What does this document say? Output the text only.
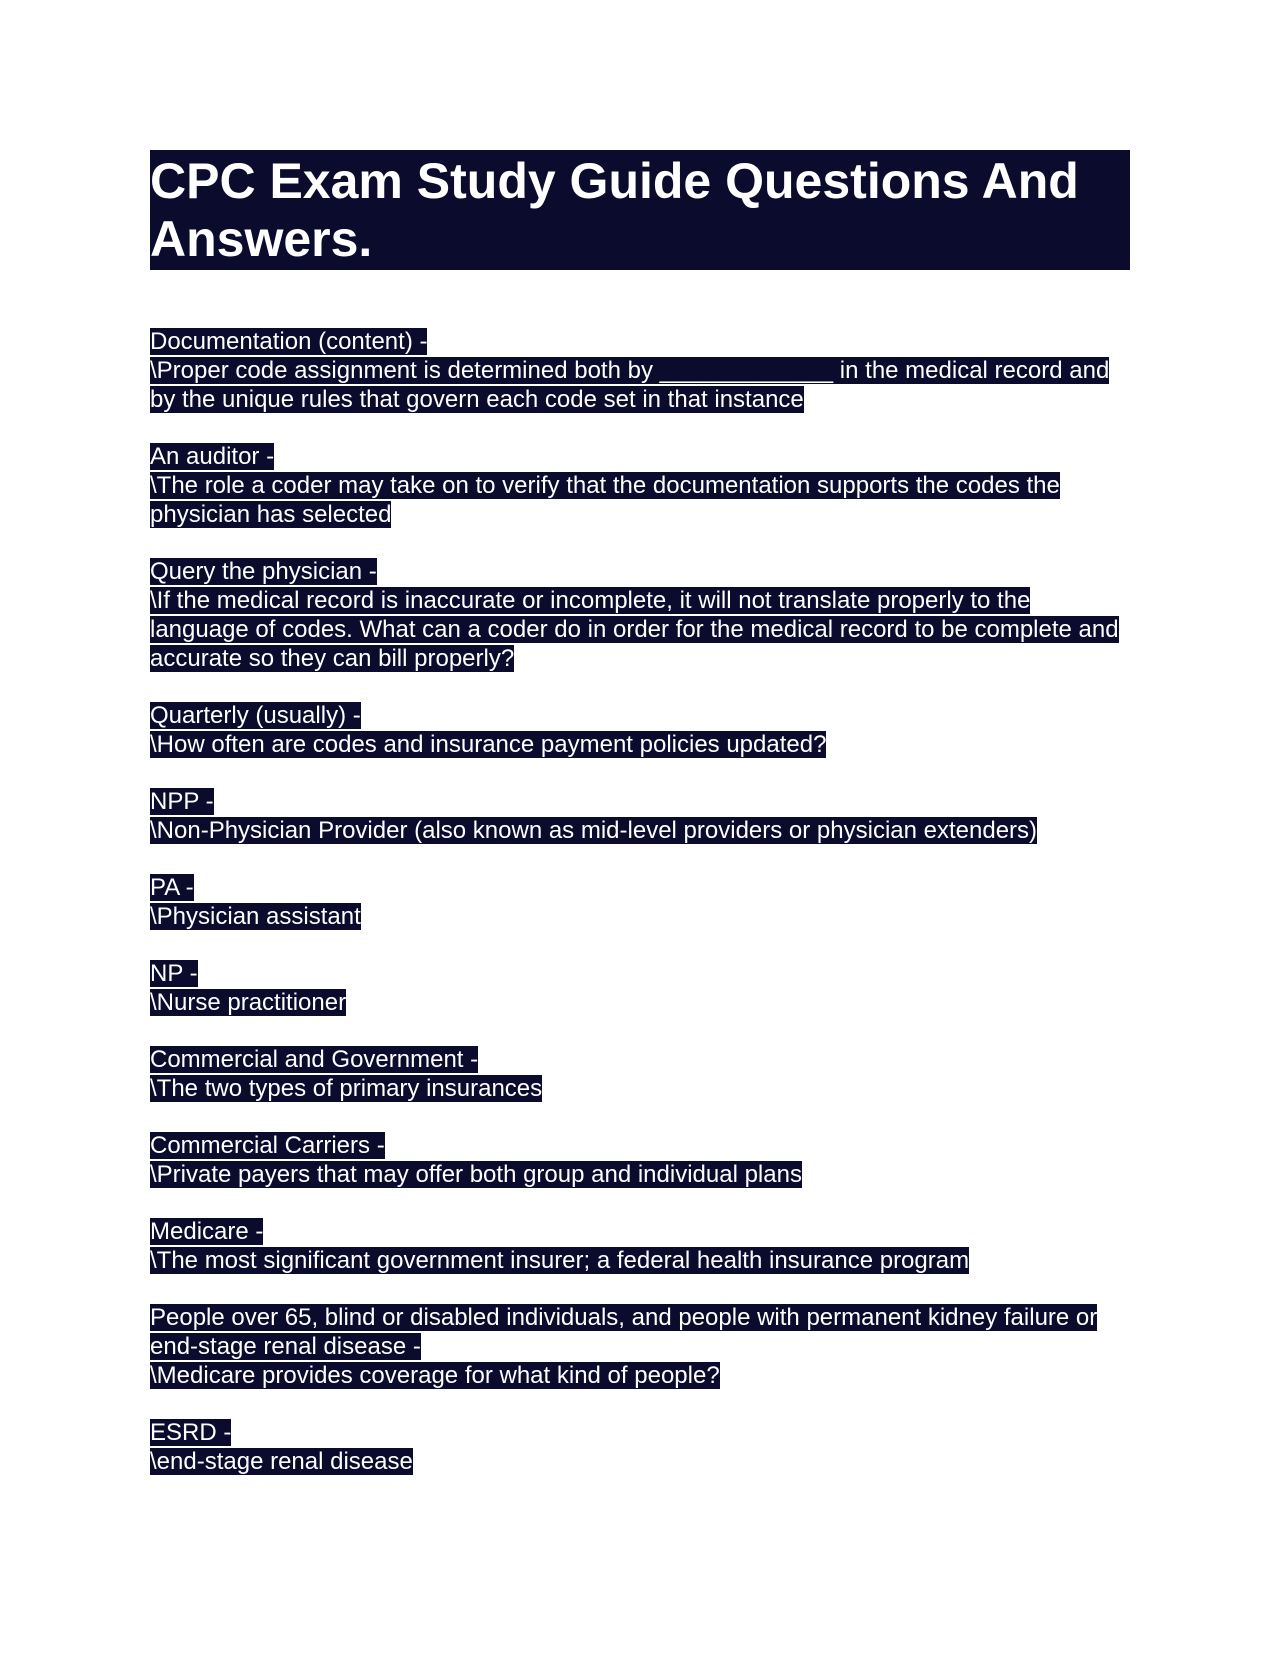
CPC Exam Study Guide Questions And Answers.
Documentation (content) -
\Proper code assignment is determined both by _____________ in the medical record and by the unique rules that govern each code set in that instance
An auditor -
\The role a coder may take on to verify that the documentation supports the codes the physician has selected
Query the physician -
\If the medical record is inaccurate or incomplete, it will not translate properly to the language of codes. What can a coder do in order for the medical record to be complete and accurate so they can bill properly?
Quarterly (usually) -
\How often are codes and insurance payment policies updated?
NPP -
\Non-Physician Provider (also known as mid-level providers or physician extenders)
PA -
\Physician assistant
NP -
\Nurse practitioner
Commercial and Government -
\The two types of primary insurances
Commercial Carriers -
\Private payers that may offer both group and individual plans
Medicare -
\The most significant government insurer; a federal health insurance program
People over 65, blind or disabled individuals, and people with permanent kidney failure or end-stage renal disease -
\Medicare provides coverage for what kind of people?
ESRD -
\end-stage renal disease
